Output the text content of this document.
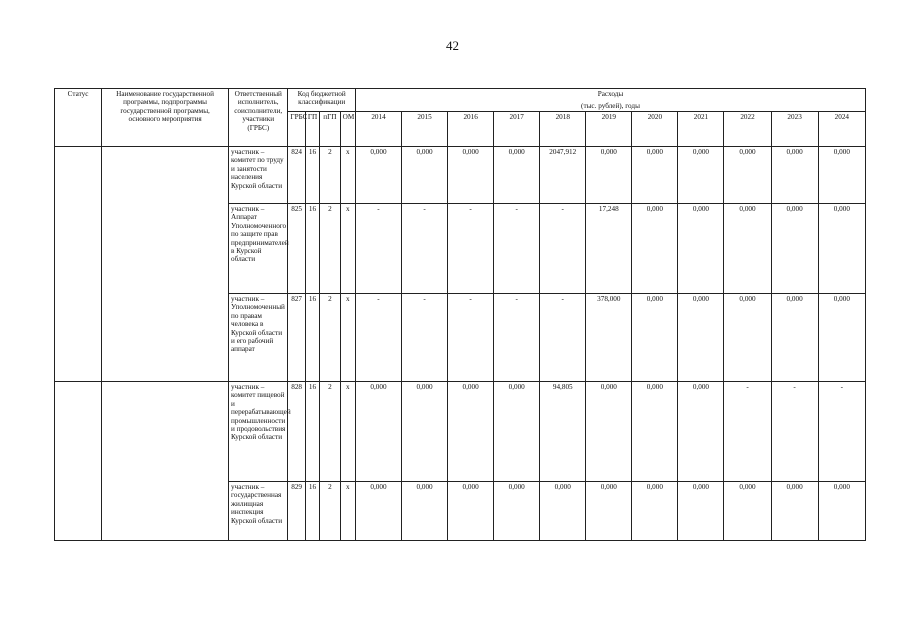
42
Статус	Наименование государственной программы, подпрограммы государственной программы, основного мероприятия	Ответственный исполнитель, соисполнители, участники (ГРБС)	Код бюджетной классификации				Расходы										
							(тыс. рублей), годы										
			ГРБС	ГП	пГП	ОМ	2014	2015	2016	2017	2018	2019	2020	2021	2022	2023	2024
		участник – комитет по труду и занятости населения Курской области	824	16	2	х	0,000	0,000	0,000	0,000	2047,912	0,000	0,000	0,000	0,000	0,000	0,000
		участник – Аппарат Уполномоченного по защите прав предпринимателей в Курской области	825	16	2	х	-	-	-	-	-	17,248	0,000	0,000	0,000	0,000	0,000
		участник – Уполномоченный по правам человека в Курской области и его рабочий аппарат	827	16	2	х	-	-	-	-	-	378,000	0,000	0,000	0,000	0,000	0,000
		участник – комитет пищевой и перерабатывающей промышленности и продовольствия Курской области	828	16	2	х	0,000	0,000	0,000	0,000	94,805	0,000	0,000	0,000	-	-	-
		участник – государственная жилищная инспекция Курской области	829	16	2	х	0,000	0,000	0,000	0,000	0,000	0,000	0,000	0,000	0,000	0,000	0,000
